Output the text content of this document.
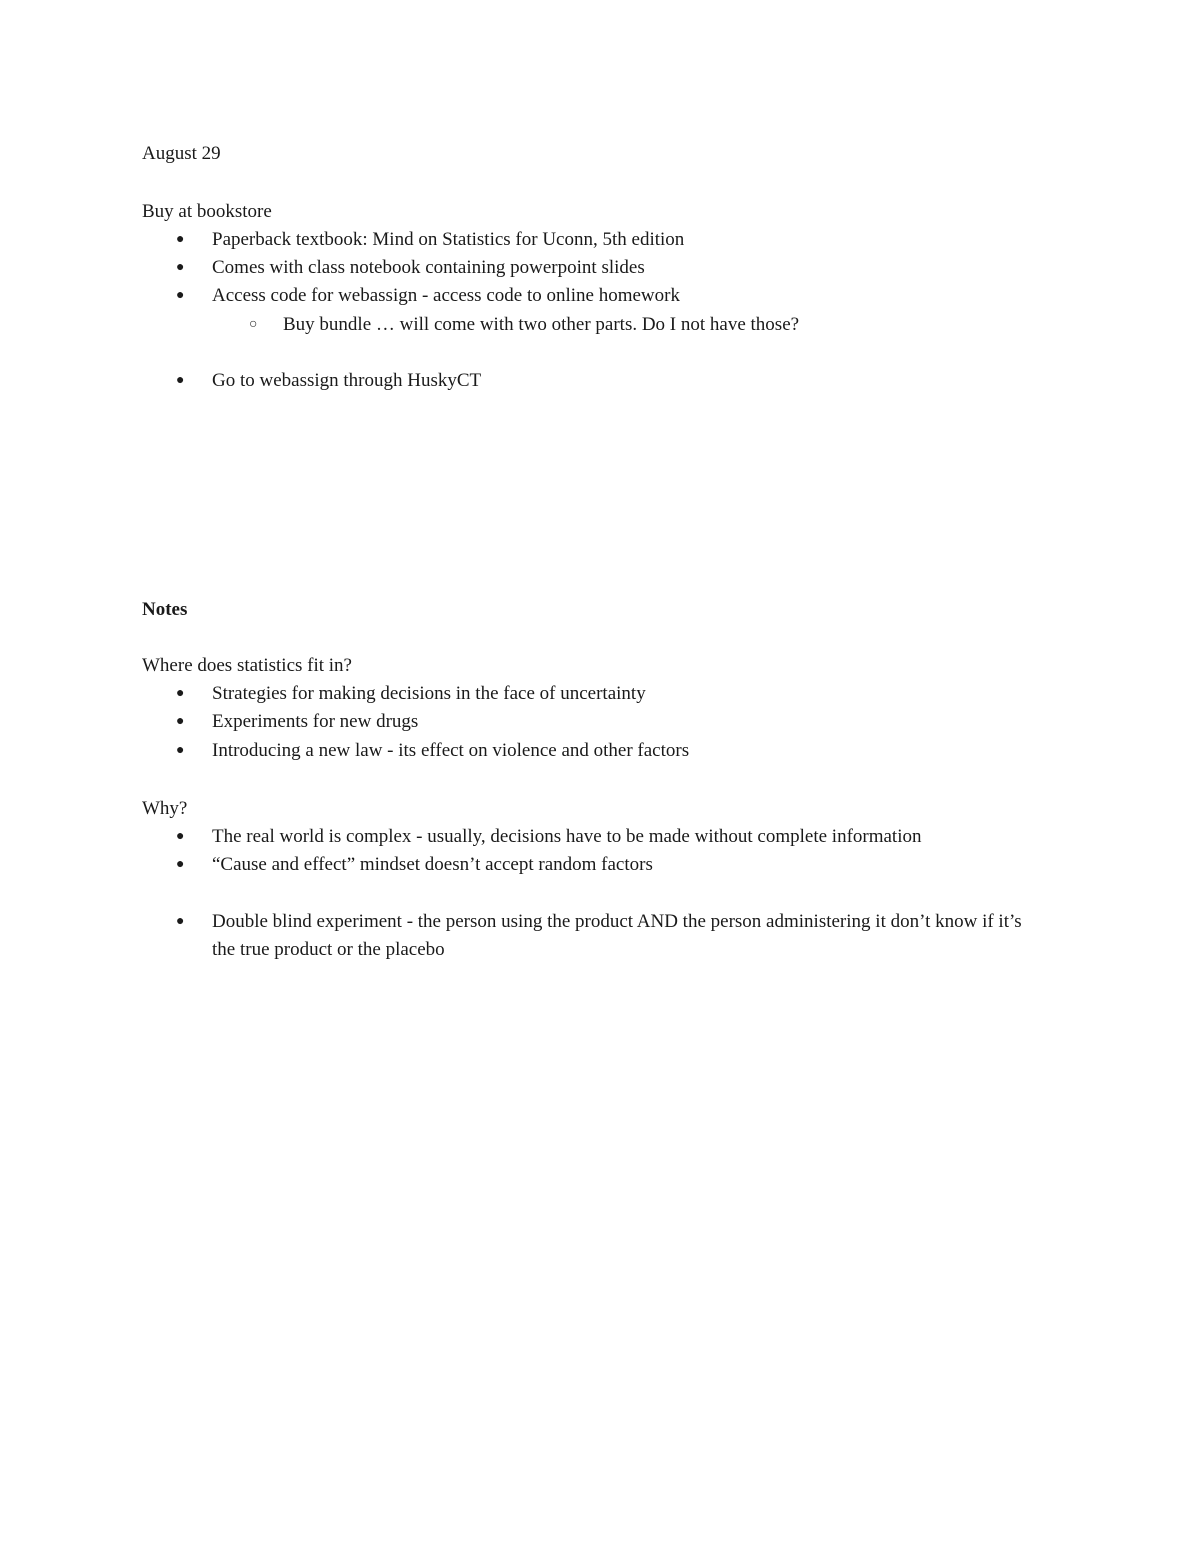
August 29
Buy at bookstore
● Paperback textbook: Mind on Statistics for Uconn, 5th edition
● Comes with class notebook containing powerpoint slides
● Access code for webassign - access code to online homework
○ Buy bundle … will come with two other parts. Do I not have those?
● Go to webassign through HuskyCT
Notes
Where does statistics fit in?
● Strategies for making decisions in the face of uncertainty
● Experiments for new drugs
● Introducing a new law - its effect on violence and other factors
Why?
● The real world is complex - usually, decisions have to be made without complete information
● “Cause and effect” mindset doesn’t accept random factors
● Double blind experiment - the person using the product AND the person administering it don’t know if it’s the true product or the placebo
